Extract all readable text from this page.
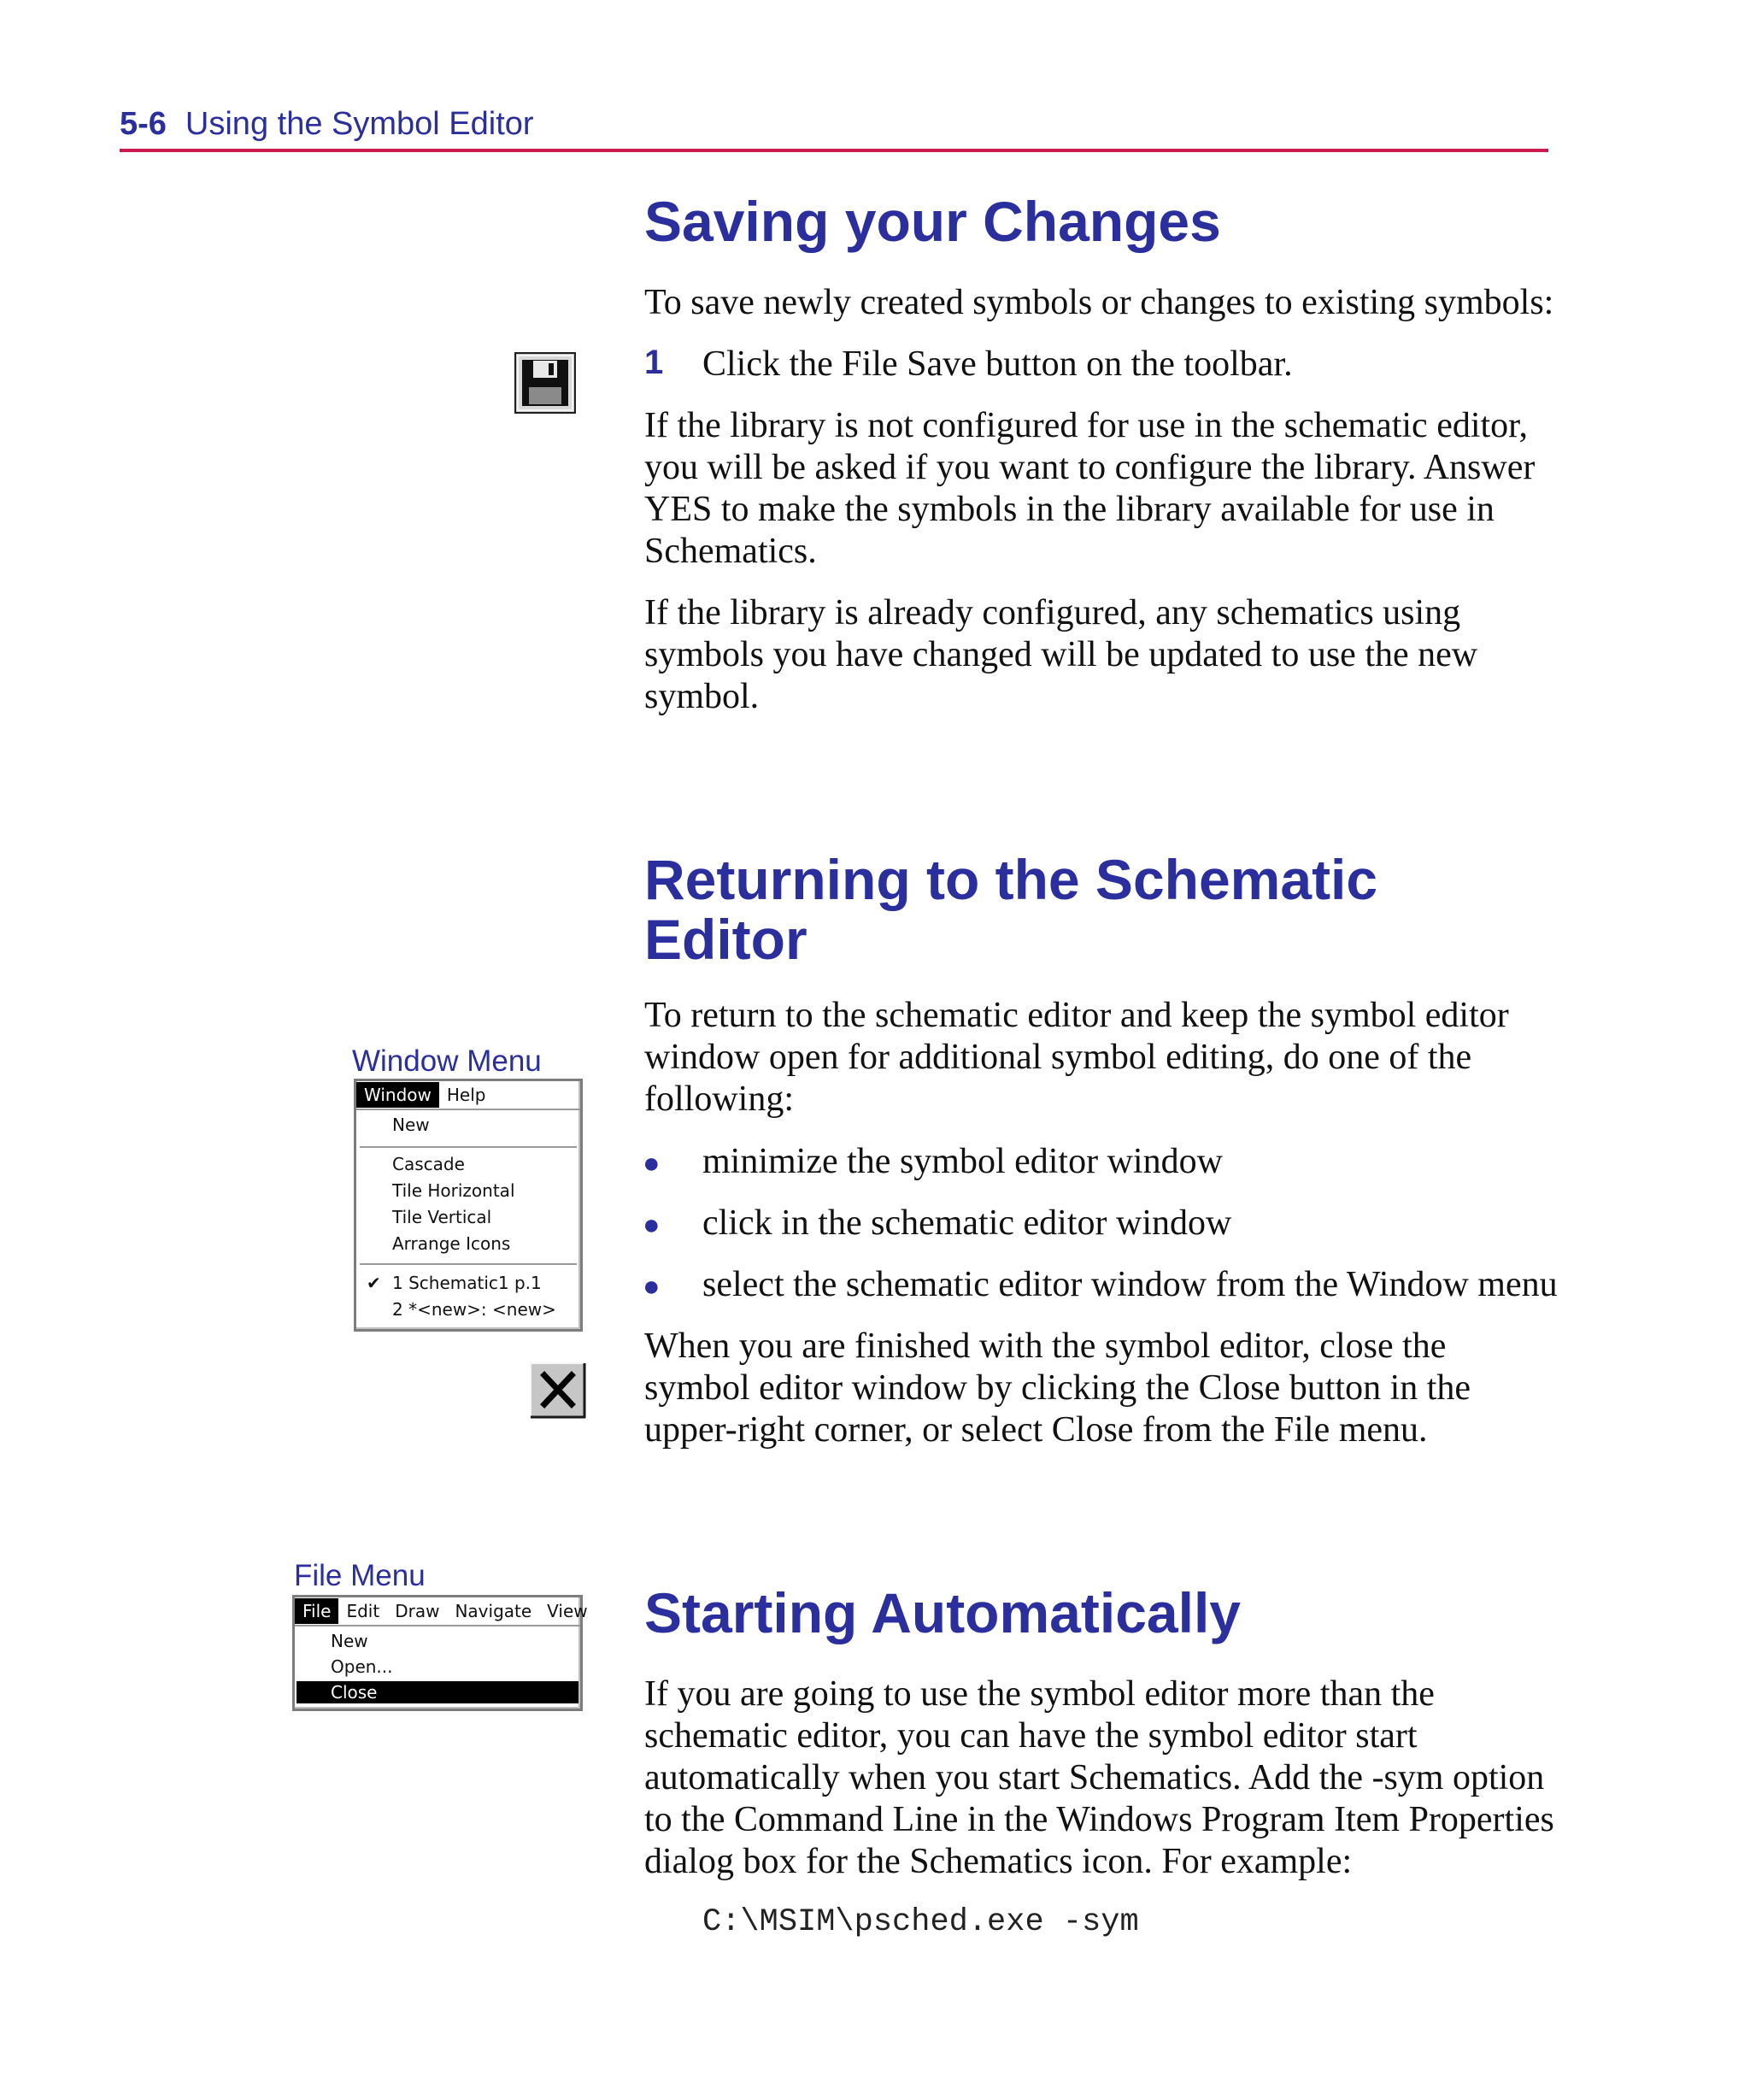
5-6 Using the Symbol Editor
Saving your Changes
To save newly created symbols or changes to existing symbols:
1 Click the File Save button on the toolbar.
If the library is not configured for use in the schematic editor, you will be asked if you want to configure the library. Answer YES to make the symbols in the library available for use in Schematics.
If the library is already configured, any schematics using symbols you have changed will be updated to use the new symbol.
Returning to the Schematic
Editor
To return to the schematic editor and keep the symbol editor window open for additional symbol editing, do one of the following:
● minimize the symbol editor window
● click in the schematic editor window
● select the schematic editor window from the Window menu
When you are finished with the symbol editor, close the symbol editor window by clicking the Close button in the upper-right corner, or select Close from the File menu.
Window Menu
Window Help
New
Cascade
Tile Horizontal
Tile Vertical
Arrange Icons
✔ 1 Schematic1 p.1
2 *<new>: <new>
File Menu
File Edit Draw Navigate View
New
Open...
Close
Starting Automatically
If you are going to use the symbol editor more than the schematic editor, you can have the symbol editor start automatically when you start Schematics. Add the -sym option to the Command Line in the Windows Program Item Properties dialog box for the Schematics icon. For example:
C:\MSIM\psched.exe -sym
